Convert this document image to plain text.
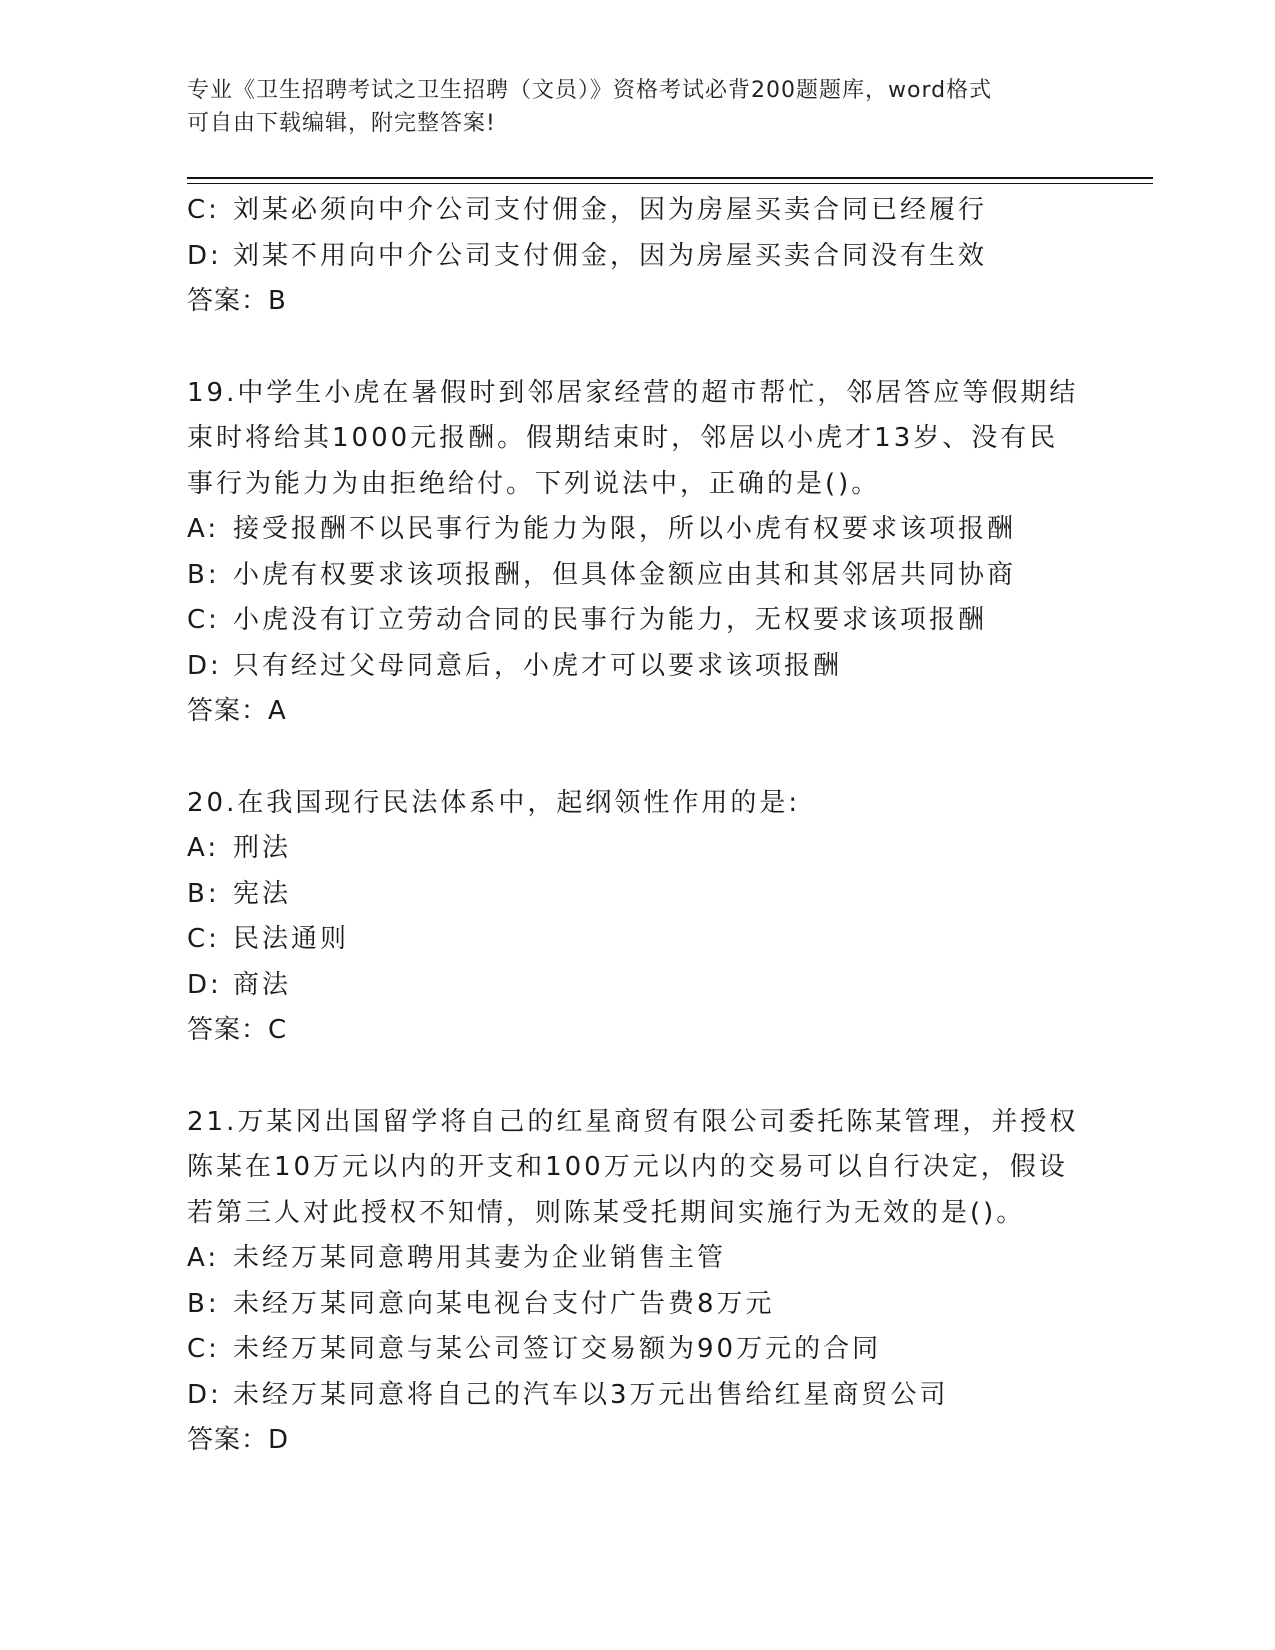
专业《卫生招聘考试之卫生招聘（文员）》资格考试必背200题题库，word格式
可自由下载编辑，附完整答案!
C: 刘某必须向中介公司支付佣金，因为房屋买卖合同已经履行
D: 刘某不用向中介公司支付佣金，因为房屋买卖合同没有生效
答案：B
19.中学生小虎在暑假时到邻居家经营的超市帮忙，邻居答应等假期结
束时将给其1000元报酬。假期结束时，邻居以小虎才13岁、没有民
事行为能力为由拒绝给付。下列说法中，正确的是()。
A: 接受报酬不以民事行为能力为限，所以小虎有权要求该项报酬
B: 小虎有权要求该项报酬，但具体金额应由其和其邻居共同协商
C: 小虎没有订立劳动合同的民事行为能力，无权要求该项报酬
D: 只有经过父母同意后，小虎才可以要求该项报酬
答案：A
20.在我国现行民法体系中，起纲领性作用的是:
A: 刑法
B: 宪法
C: 民法通则
D: 商法
答案：C
21.万某冈出国留学将自己的红星商贸有限公司委托陈某管理，并授权
陈某在10万元以内的开支和100万元以内的交易可以自行决定，假设
若第三人对此授权不知情，则陈某受托期间实施行为无效的是()。
A: 未经万某同意聘用其妻为企业销售主管
B: 未经万某同意向某电视台支付广告费8万元
C: 未经万某同意与某公司签订交易额为90万元的合同
D: 未经万某同意将自己的汽车以3万元出售给红星商贸公司
答案：D
